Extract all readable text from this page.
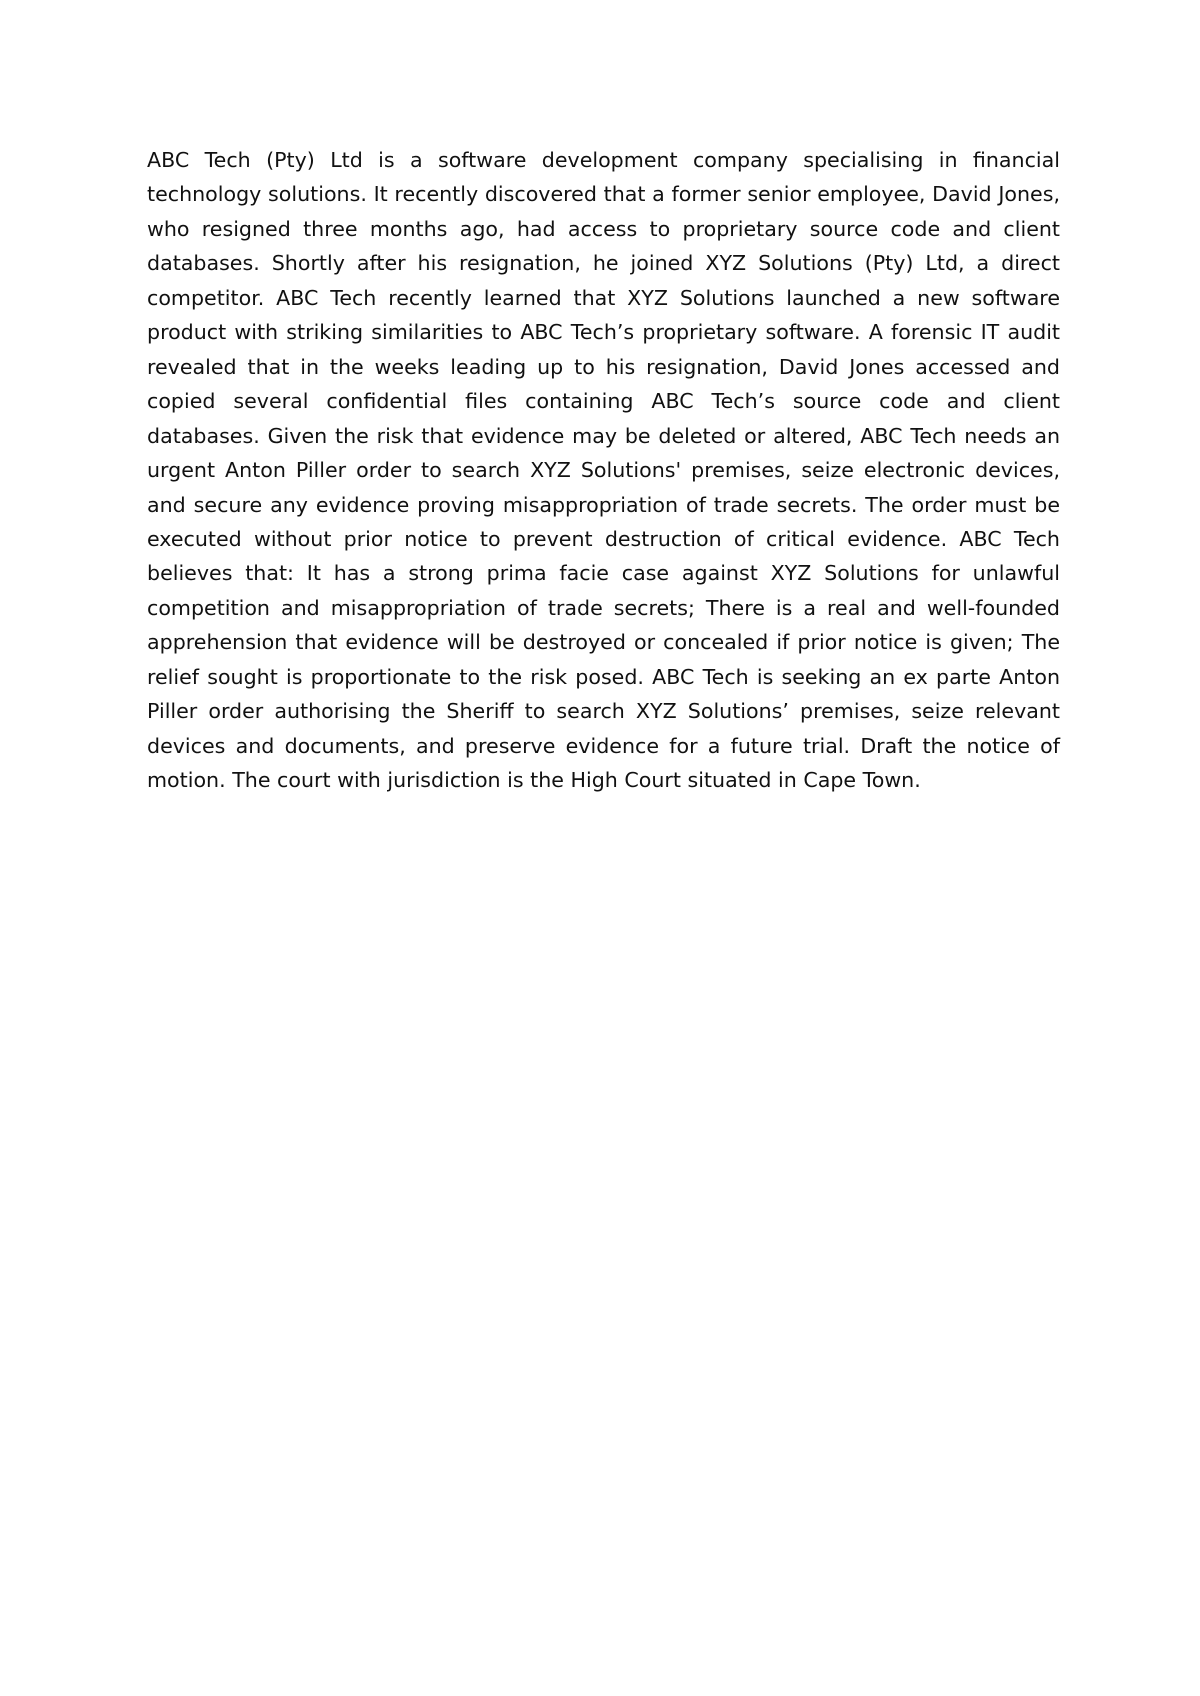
ABC Tech (Pty) Ltd is a software development company specialising in financial technology solutions. It recently discovered that a former senior employee, David Jones, who resigned three months ago, had access to proprietary source code and client databases. Shortly after his resignation, he joined XYZ Solutions (Pty) Ltd, a direct competitor. ABC Tech recently learned that XYZ Solutions launched a new software product with striking similarities to ABC Tech’s proprietary software. A forensic IT audit revealed that in the weeks leading up to his resignation, David Jones accessed and copied several confidential files containing ABC Tech’s source code and client databases. Given the risk that evidence may be deleted or altered, ABC Tech needs an urgent Anton Piller order to search XYZ Solutions' premises, seize electronic devices, and secure any evidence proving misappropriation of trade secrets. The order must be executed without prior notice to prevent destruction of critical evidence. ABC Tech believes that: It has a strong prima facie case against XYZ Solutions for unlawful competition and misappropriation of trade secrets; There is a real and well-founded apprehension that evidence will be destroyed or concealed if prior notice is given; The relief sought is proportionate to the risk posed. ABC Tech is seeking an ex parte Anton Piller order authorising the Sheriff to search XYZ Solutions’ premises, seize relevant devices and documents, and preserve evidence for a future trial. Draft the notice of motion. The court with jurisdiction is the High Court situated in Cape Town.
